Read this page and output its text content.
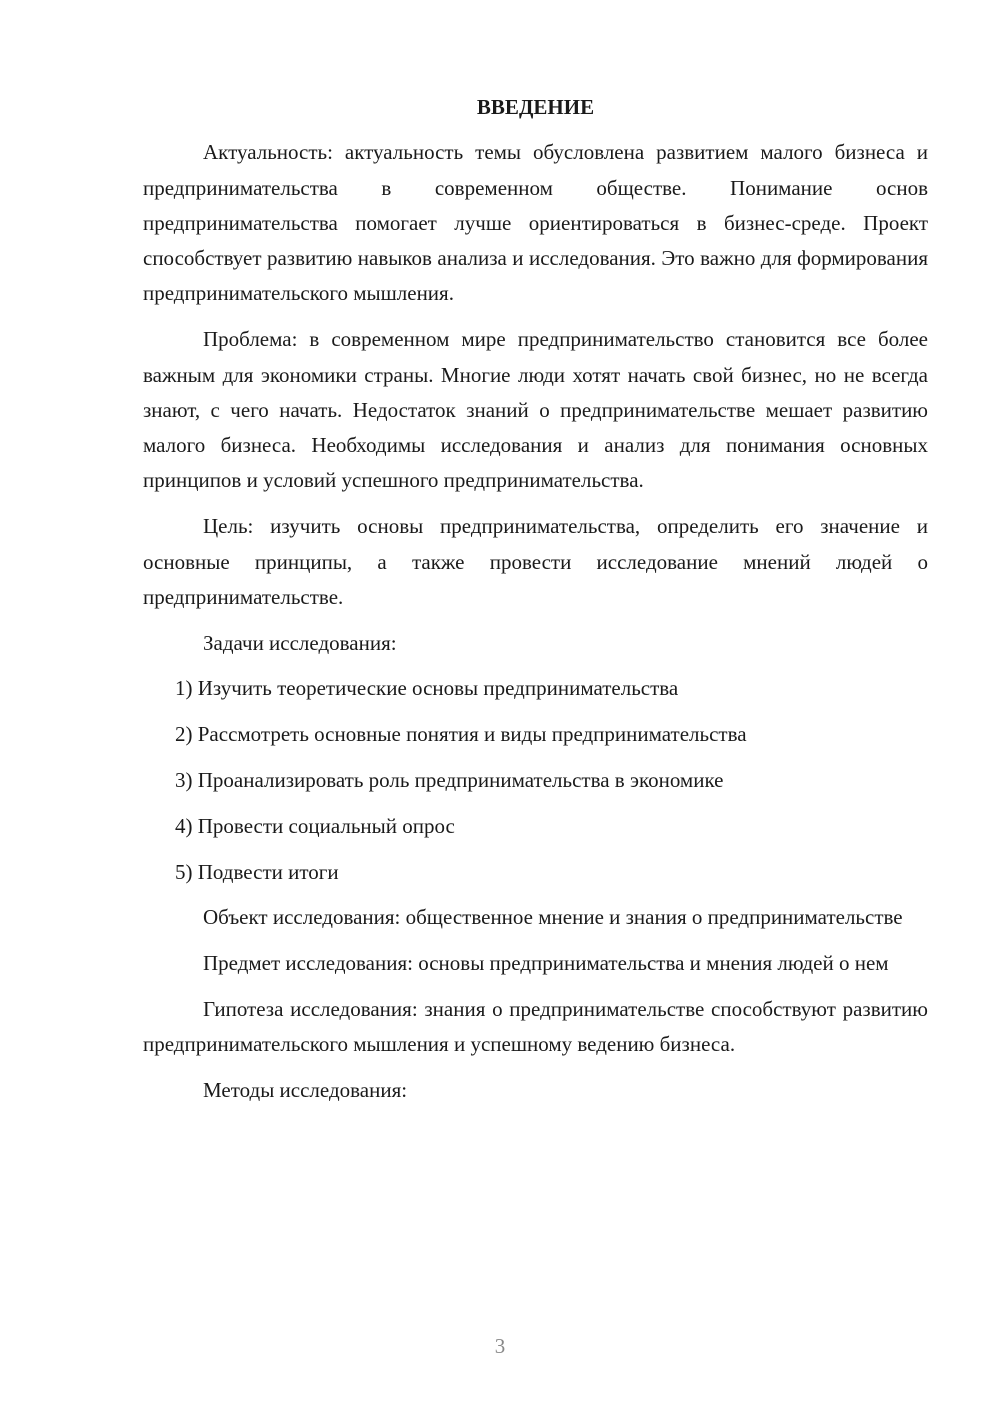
ВВЕДЕНИЕ

Актуальность: актуальность темы обусловлена развитием малого бизнеса и предпринимательства в современном обществе. Понимание основ предпринимательства помогает лучше ориентироваться в бизнес-среде. Проект способствует развитию навыков анализа и исследования. Это важно для формирования предпринимательского мышления.

Проблема: в современном мире предпринимательство становится все более важным для экономики страны. Многие люди хотят начать свой бизнес, но не всегда знают, с чего начать. Недостаток знаний о предпринимательстве мешает развитию малого бизнеса. Необходимы исследования и анализ для понимания основных принципов и условий успешного предпринимательства.

Цель: изучить основы предпринимательства, определить его значение и основные принципы, а также провести исследование мнений людей о предпринимательстве.

Задачи исследования:

1) Изучить теоретические основы предпринимательства

2) Рассмотреть основные понятия и виды предпринимательства

3) Проанализировать роль предпринимательства в экономике

4) Провести социальный опрос

5) Подвести итоги

Объект исследования: общественное мнение и знания о предпринимательстве

Предмет исследования: основы предпринимательства и мнения людей о нем

Гипотеза исследования: знания о предпринимательстве способствуют развитию предпринимательского мышления и успешному ведению бизнеса.

Методы исследования:

3
